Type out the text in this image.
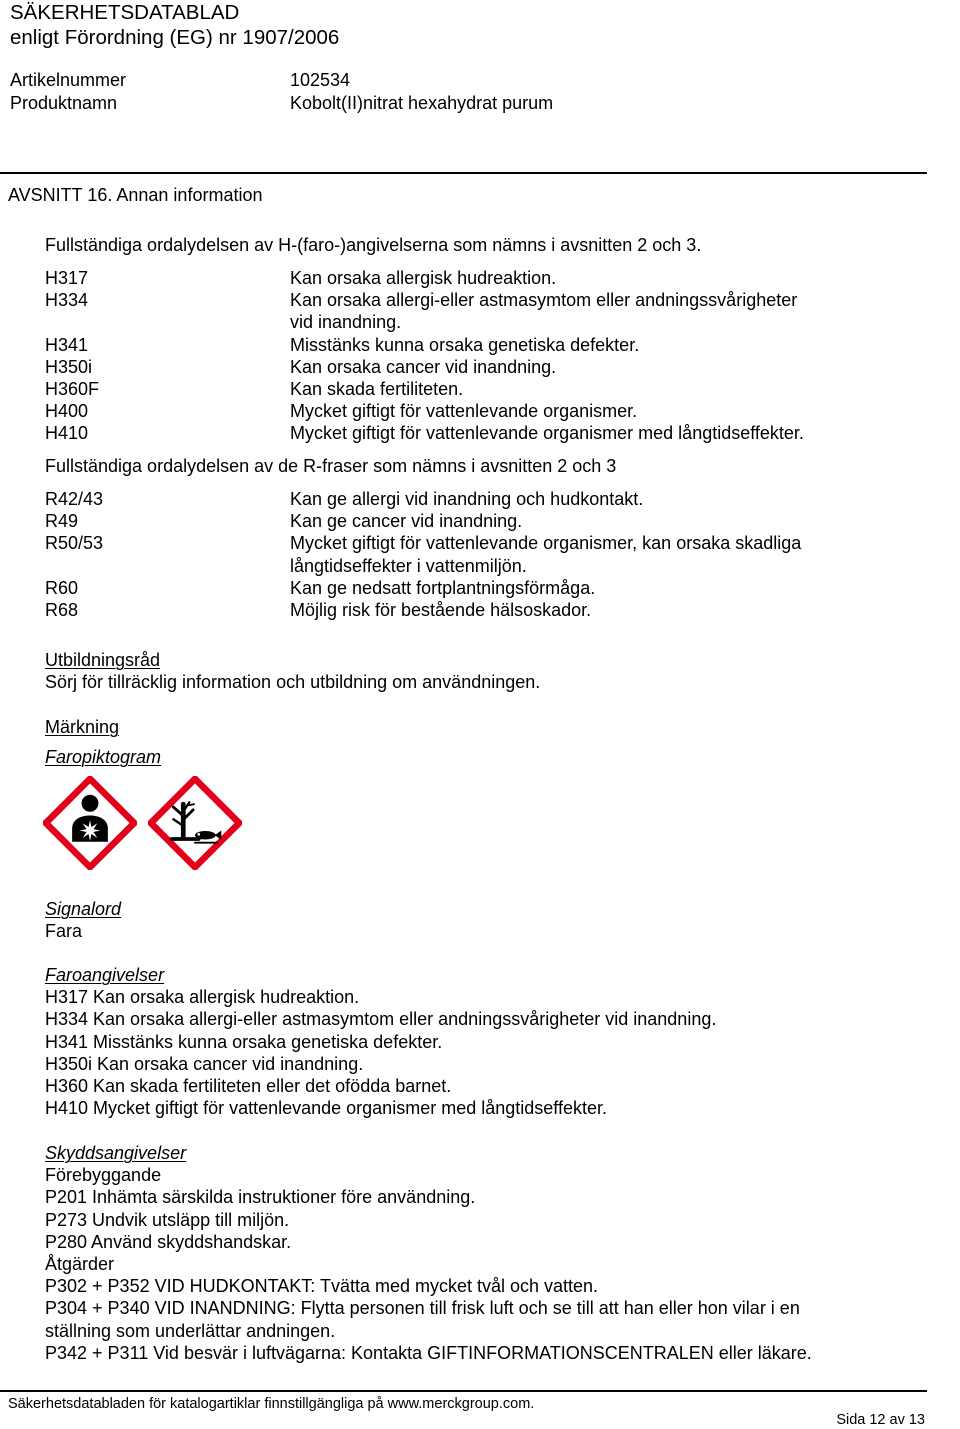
SÄKERHETSDATABLAD
enligt Förordning (EG) nr 1907/2006
Artikelnummer	102534
Produktnamn	Kobolt(II)nitrat hexahydrat purum
AVSNITT 16. Annan information
Fullständiga ordalydelsen av H-(faro-)angivelserna som nämns i avsnitten 2 och 3.
H317	Kan orsaka allergisk hudreaktion.
H334	Kan orsaka allergi-eller astmasymtom eller andningssvårigheter
vid inandning.
H341	Misstänks kunna orsaka genetiska defekter.
H350i	Kan orsaka cancer vid inandning.
H360F	Kan skada fertiliteten.
H400	Mycket giftigt för vattenlevande organismer.
H410	Mycket giftigt för vattenlevande organismer med långtidseffekter.
Fullständiga ordalydelsen av de R-fraser som nämns i avsnitten 2 och 3
R42/43	Kan ge allergi vid inandning och hudkontakt.
R49	Kan ge cancer vid inandning.
R50/53	Mycket giftigt för vattenlevande organismer, kan orsaka skadliga
långtidseffekter i vattenmiljön.
R60	Kan ge nedsatt fortplantningsförmåga.
R68	Möjlig risk för bestående hälsoskador.
Utbildningsråd
Sörj för tillräcklig information och utbildning om användningen.
Märkning
Faropiktogram
Signalord
Fara
Faroangivelser
H317 Kan orsaka allergisk hudreaktion.
H334 Kan orsaka allergi-eller astmasymtom eller andningssvårigheter vid inandning.
H341 Misstänks kunna orsaka genetiska defekter.
H350i Kan orsaka cancer vid inandning.
H360 Kan skada fertiliteten eller det ofödda barnet.
H410 Mycket giftigt för vattenlevande organismer med långtidseffekter.
Skyddsangivelser
Förebyggande
P201 Inhämta särskilda instruktioner före användning.
P273 Undvik utsläpp till miljön.
P280 Använd skyddshandskar.
Åtgärder
P302 + P352 VID HUDKONTAKT: Tvätta med mycket tvål och vatten.
P304 + P340 VID INANDNING: Flytta personen till frisk luft och se till att han eller hon vilar i en
ställning som underlättar andningen.
P342 + P311 Vid besvär i luftvägarna: Kontakta GIFTINFORMATIONSCENTRALEN eller läkare.
Säkerhetsdatabladen för katalogartiklar finnstillgängliga på www.merckgroup.com.
Sida 12 av 13
